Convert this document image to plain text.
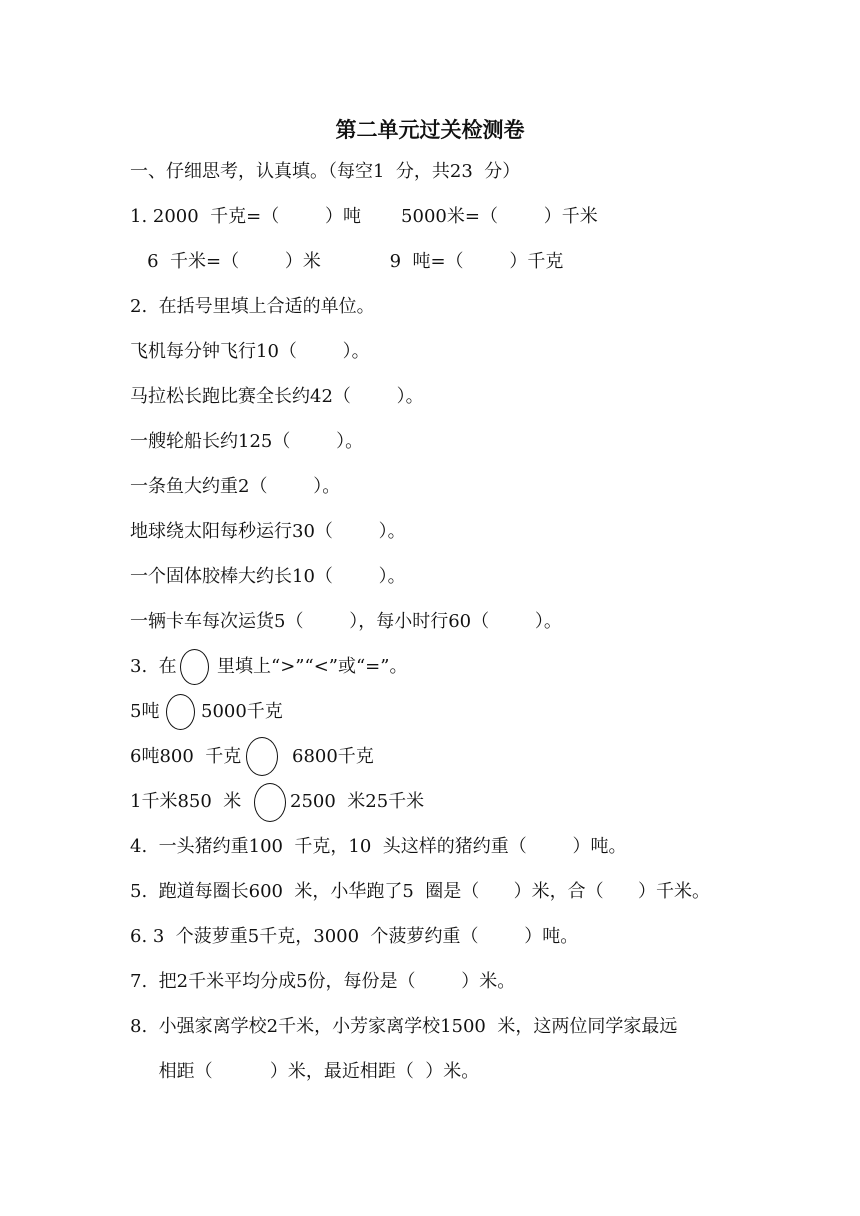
第二单元过关检测卷
一、仔细思考，认真填。（每空1  分，共23  分）
1. 2000  千克=（        ）吨       5000米=（        ）千米
6  千米=（        ）米            9  吨=（        ）千克
2.  在括号里填上合适的单位。
飞机每分钟飞行10（        ）。
马拉松长跑比赛全长约42（        ）。
一艘轮船长约125（        ）。
一条鱼大约重2（        ）。
地球绕太阳每秒运行30（        ）。
一个固体胶棒大约长10（        ）。
一辆卡车每次运货5（        ），每小时行60（        ）。
3.  在 里填上“>”“<”或“=”。
5吨 5000千克
6吨800  千克	6800千克
1千米850  米	2500  米25千米
4.  一头猪约重100  千克，10  头这样的猪约重（        ）吨。
5.  跑道每圈长600  米，小华跑了5  圈是（      ）米，合（      ）千米。
6. 3  个菠萝重5千克，3000  个菠萝约重（        ）吨。
7.  把2千米平均分成5份，每份是（        ）米。
8.  小强家离学校2千米，小芳家离学校1500  米，这两位同学家最远
相距（          ）米，最近相距（  ）米。
